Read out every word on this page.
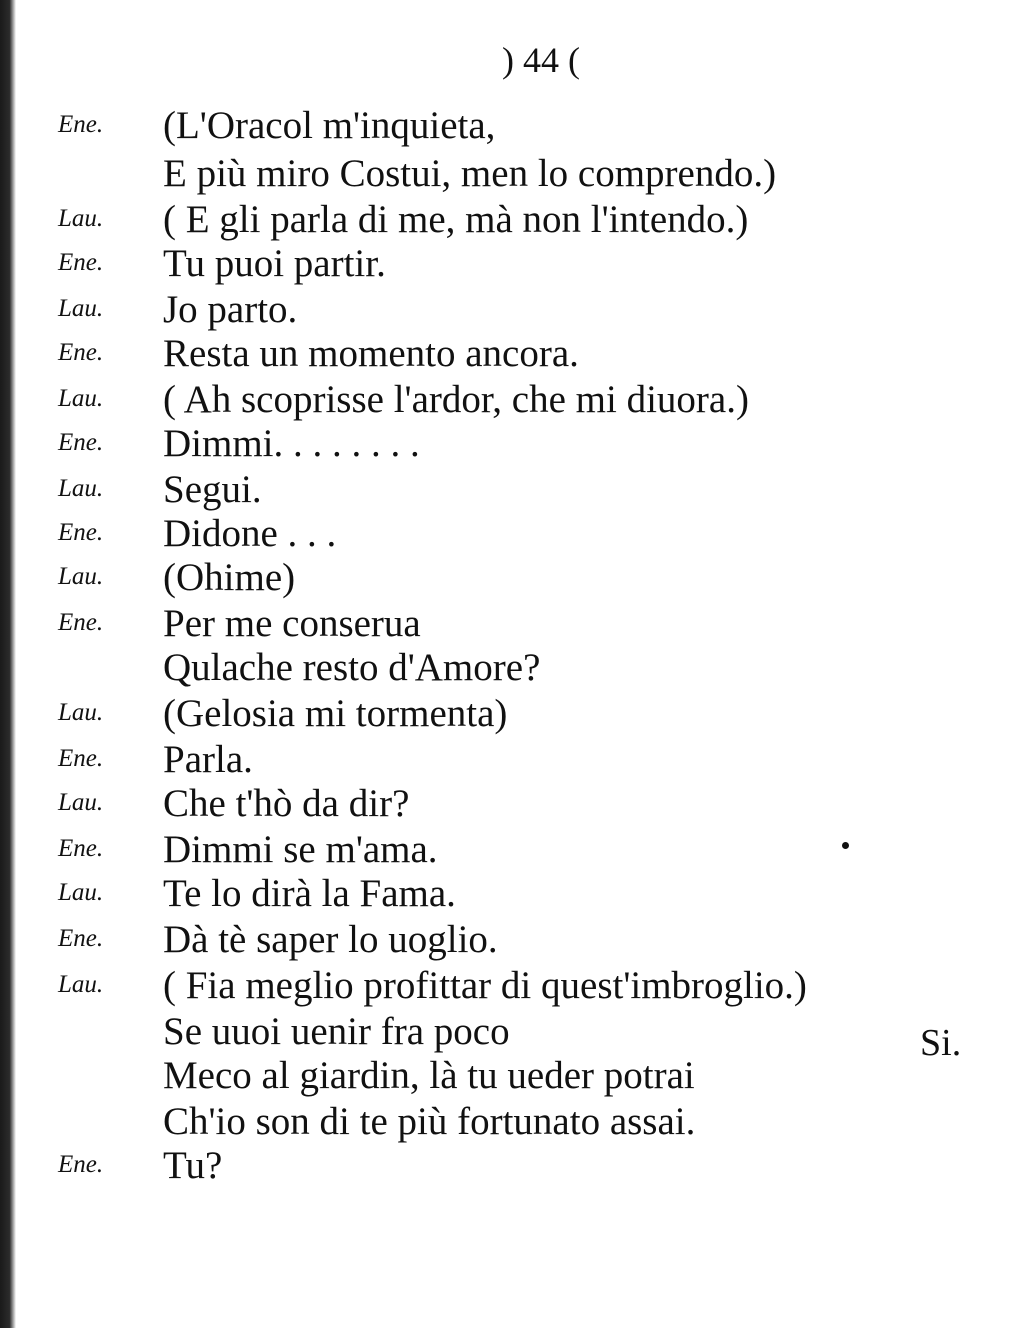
) 44 (
Ene. (L'Oracol m'inquieta,
E più miro Costui, men lo comprendo.)
Lau. ( E gli parla di me, mà non l'intendo.)
Ene. Tu puoi partir.
Lau. Jo parto.
Ene. Resta un momento ancora.
Lau. ( Ah scoprisse l'ardor, che mi diuora.)
Ene. Dimmi. . . . . . . .
Lau. Segui.
Ene. Didone . . .
Lau. (Ohime)
Ene. Per me conserua
Qulache resto d'Amore?
Lau. (Gelosia mi tormenta)
Ene. Parla.
Lau. Che t'hò da dir?
Ene. Dimmi se m'ama.
Lau. Te lo dirà la Fama.
Ene. Dà tè saper lo uoglio.
Lau. ( Fia meglio profittar di quest'imbroglio.)
Se uuoi uenir fra poco
Meco al giardin, là tu ueder potrai
Ch'io son di te più fortunato assai.
Ene. Tu?
Si.
